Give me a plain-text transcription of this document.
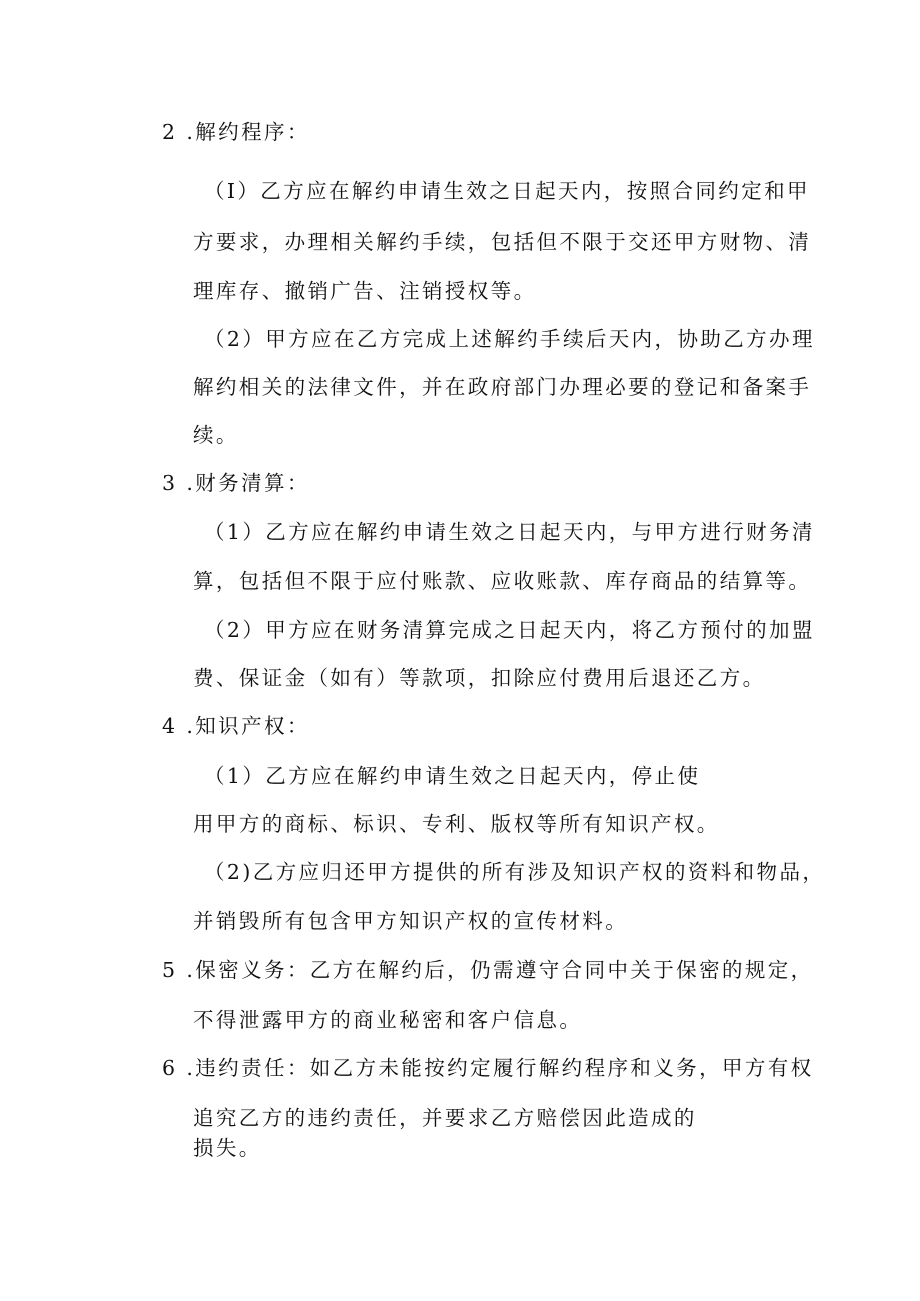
2 .解约程序：
（I）乙方应在解约申请生效之日起天内，按照合同约定和甲
方要求，办理相关解约手续，包括但不限于交还甲方财物、清
理库存、撤销广告、注销授权等。
（2）甲方应在乙方完成上述解约手续后天内，协助乙方办理
解约相关的法律文件，并在政府部门办理必要的登记和备案手
续。
3 .财务清算：
（1）乙方应在解约申请生效之日起天内，与甲方进行财务清
算，包括但不限于应付账款、应收账款、库存商品的结算等。
（2）甲方应在财务清算完成之日起天内，将乙方预付的加盟
费、保证金（如有）等款项，扣除应付费用后退还乙方。
4 .知识产权：
（1）乙方应在解约申请生效之日起天内，停止使
用甲方的商标、标识、专利、版权等所有知识产权。
（2)乙方应归还甲方提供的所有涉及知识产权的资料和物品，
并销毁所有包含甲方知识产权的宣传材料。
5 .保密义务：乙方在解约后，仍需遵守合同中关于保密的规定，
不得泄露甲方的商业秘密和客户信息。
6 .违约责任：如乙方未能按约定履行解约程序和义务，甲方有权
追究乙方的违约责任，并要求乙方赔偿因此造成的
损失。
